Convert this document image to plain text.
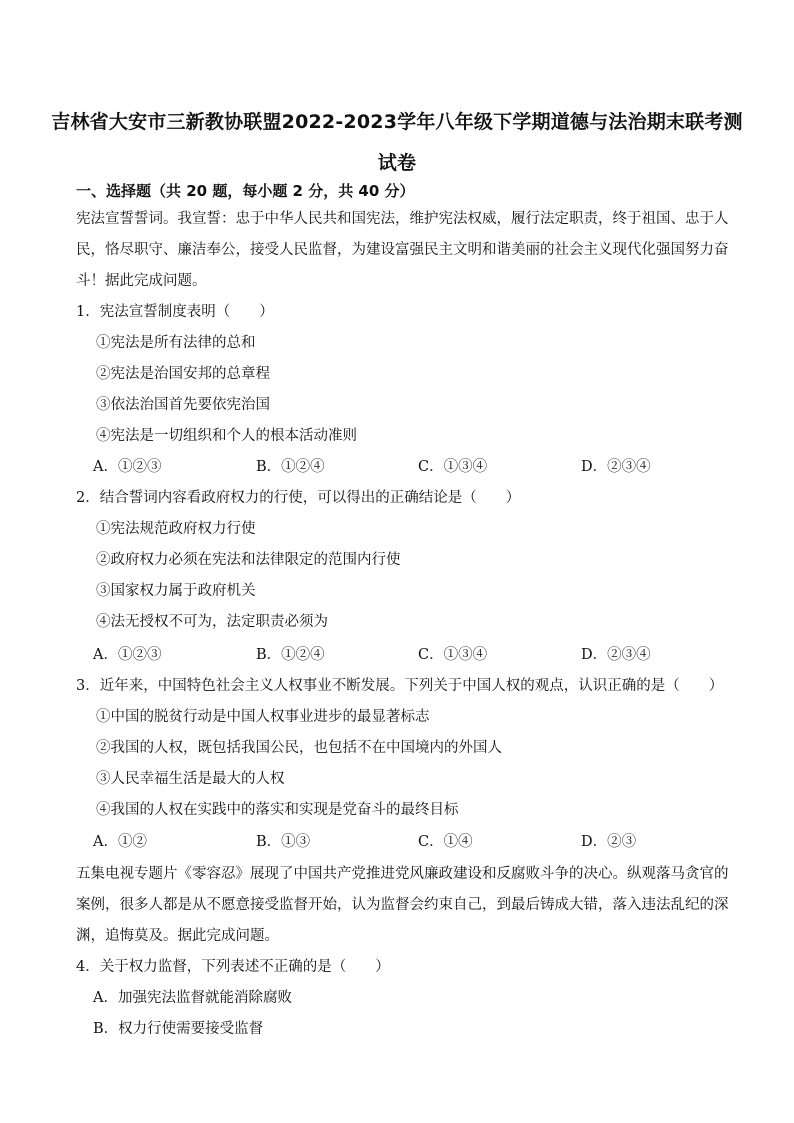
吉林省大安市三新教协联盟2022-2023学年八年级下学期道德与法治期末联考测
试卷
一、选择题（共 20 题，每小题 2 分，共 40 分）
宪法宣誓誓词。我宣誓：忠于中华人民共和国宪法，维护宪法权威，履行法定职责，终于祖国、忠于人
民，恪尽职守、廉洁奉公，接受人民监督，为建设富强民主文明和谐美丽的社会主义现代化强国努力奋
斗！据此完成问题。
1．宪法宣誓制度表明（　　）
①宪法是所有法律的总和
②宪法是治国安邦的总章程
③依法治国首先要依宪治国
④宪法是一切组织和个人的根本活动准则
A．①②③	B．①②④	C．①③④	D．②③④
2．结合誓词内容看政府权力的行使，可以得出的正确结论是（　　）
①宪法规范政府权力行使
②政府权力必须在宪法和法律限定的范围内行使
③国家权力属于政府机关
④法无授权不可为，法定职责必须为
A．①②③	B．①②④	C．①③④	D．②③④
3．近年来，中国特色社会主义人权事业不断发展。下列关于中国人权的观点，认识正确的是（　　）
①中国的脱贫行动是中国人权事业进步的最显著标志
②我国的人权，既包括我国公民，也包括不在中国境内的外国人
③人民幸福生活是最大的人权
④我国的人权在实践中的落实和实现是党奋斗的最终目标
A．①②	B．①③	C．①④	D．②③
五集电视专题片《零容忍》展现了中国共产党推进党风廉政建设和反腐败斗争的决心。纵观落马贪官的
案例，很多人都是从不愿意接受监督开始，认为监督会约束自己，到最后铸成大错，落入违法乱纪的深
渊，追悔莫及。据此完成问题。
4．关于权力监督，下列表述不正确的是（　　）
A．加强宪法监督就能消除腐败
B．权力行使需要接受监督
